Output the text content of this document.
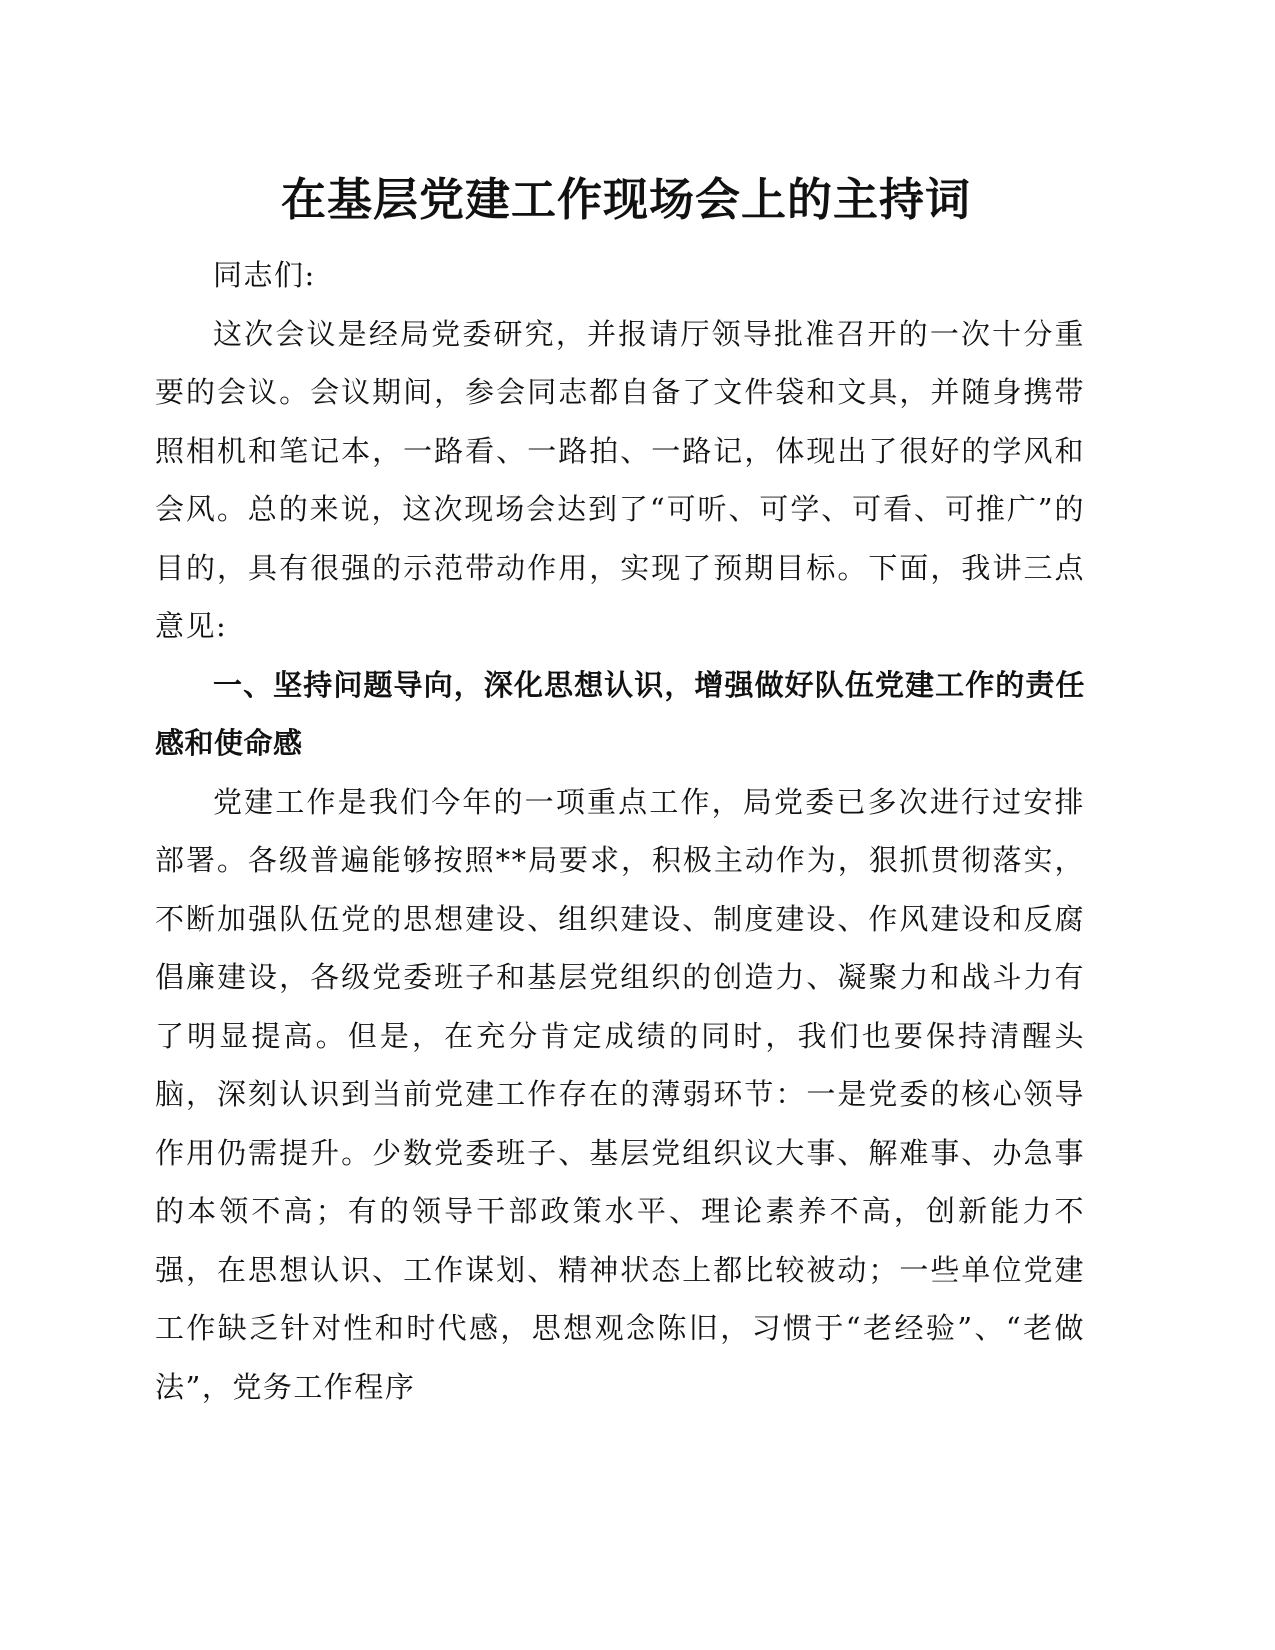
在基层党建工作现场会上的主持词

同志们:

这次会议是经局党委研究，并报请厅领导批准召开的一次十分重要的会议。会议期间，参会同志都自备了文件袋和文具，并随身携带照相机和笔记本，一路看、一路拍、一路记，体现出了很好的学风和会风。总的来说，这次现场会达到了“可听、可学、可看、可推广”的目的，具有很强的示范带动作用，实现了预期目标。下面，我讲三点意见:

一、坚持问题导向，深化思想认识，增强做好队伍党建工作的责任感和使命感

党建工作是我们今年的一项重点工作，局党委已多次进行过安排部署。各级普遍能够按照**局要求，积极主动作为，狠抓贯彻落实，不断加强队伍党的思想建设、组织建设、制度建设、作风建设和反腐倡廉建设，各级党委班子和基层党组织的创造力、凝聚力和战斗力有了明显提高。但是，在充分肯定成绩的同时，我们也要保持清醒头脑，深刻认识到当前党建工作存在的薄弱环节：一是党委的核心领导作用仍需提升。少数党委班子、基层党组织议大事、解难事、办急事的本领不高；有的领导干部政策水平、理论素养不高，创新能力不强，在思想认识、工作谋划、精神状态上都比较被动；一些单位党建工作缺乏针对性和时代感，思想观念陈旧，习惯于“老经验”、“老做法”，党务工作程序
